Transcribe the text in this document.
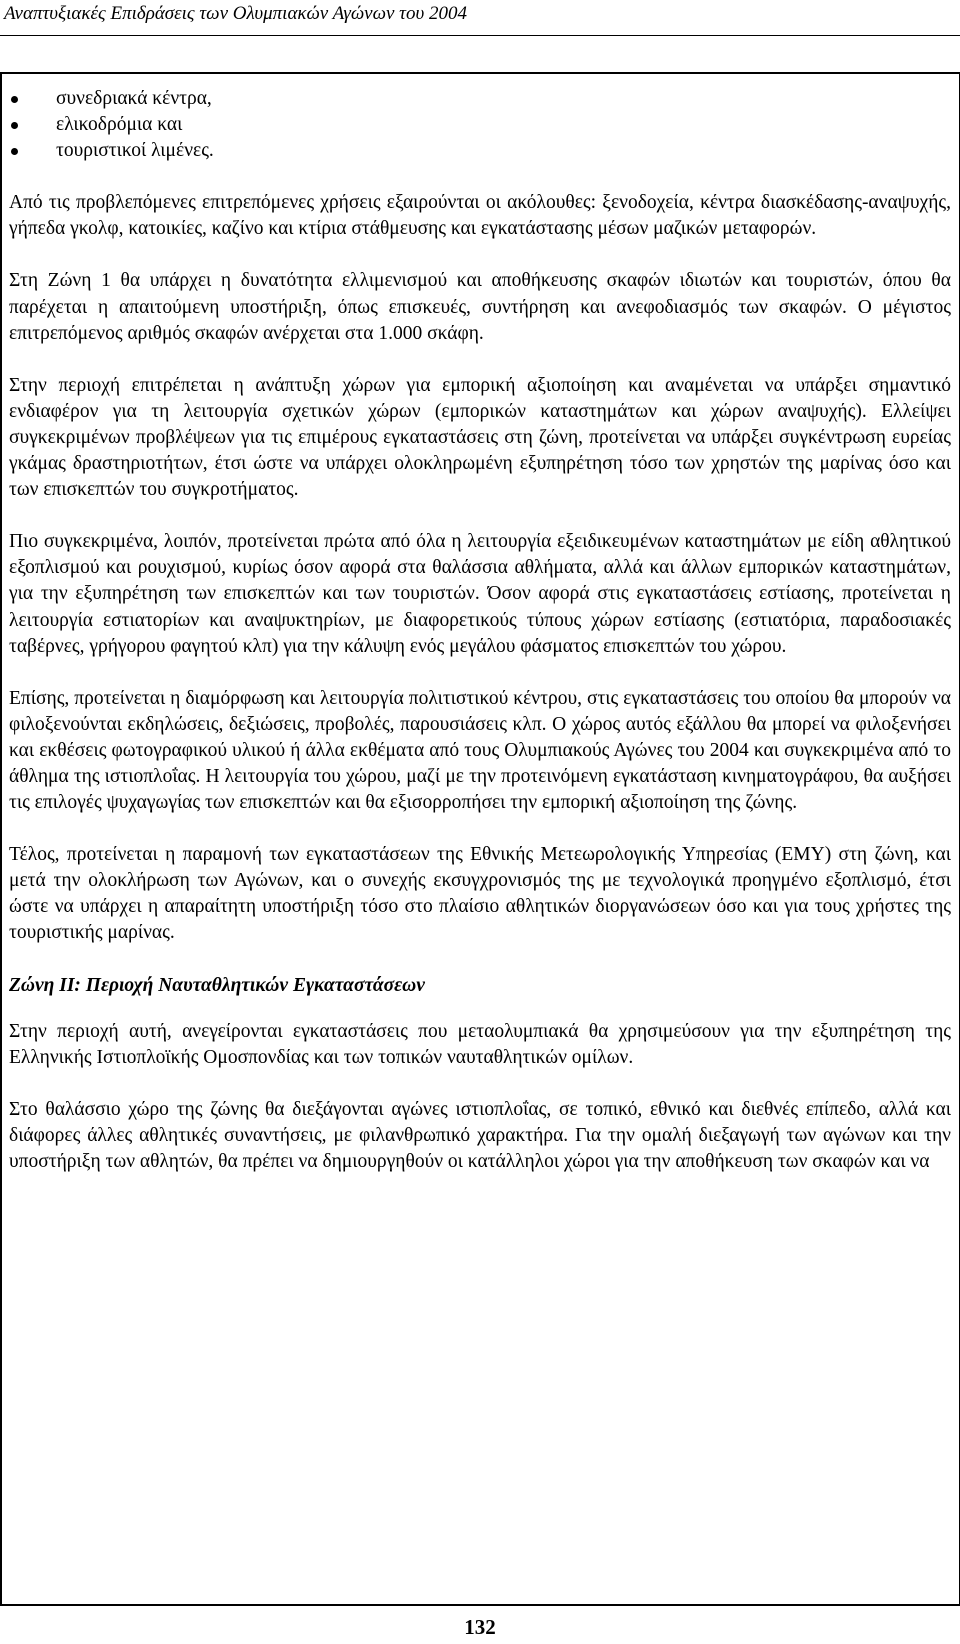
Αναπτυξιακές Επιδράσεις των Ολυμπιακών Αγώνων του 2004
συνεδριακά κέντρα,
ελικοδρόμια και
τουριστικοί λιμένες.

Από τις προβλεπόμενες επιτρεπόμενες χρήσεις εξαιρούνται οι ακόλουθες: ξενοδοχεία, κέντρα διασκέδασης-αναψυχής, γήπεδα γκολφ, κατοικίες, καζίνο και κτίρια στάθμευσης και εγκατάστασης μέσων μαζικών μεταφορών.

Στη Ζώνη 1 θα υπάρχει η δυνατότητα ελλιμενισμού και αποθήκευσης σκαφών ιδιωτών και τουριστών, όπου θα παρέχεται η απαιτούμενη υποστήριξη, όπως επισκευές, συντήρηση και ανεφοδιασμός των σκαφών. Ο μέγιστος επιτρεπόμενος αριθμός σκαφών ανέρχεται στα 1.000 σκάφη.

Στην περιοχή επιτρέπεται η ανάπτυξη χώρων για εμπορική αξιοποίηση και αναμένεται να υπάρξει σημαντικό ενδιαφέρον για τη λειτουργία σχετικών χώρων (εμπορικών καταστημάτων και χώρων αναψυχής). Ελλείψει συγκεκριμένων προβλέψεων για τις επιμέρους εγκαταστάσεις στη ζώνη, προτείνεται να υπάρξει συγκέντρωση ευρείας γκάμας δραστηριοτήτων, έτσι ώστε να υπάρχει ολοκληρωμένη εξυπηρέτηση τόσο των χρηστών της μαρίνας όσο και των επισκεπτών του συγκροτήματος.

Πιο συγκεκριμένα, λοιπόν, προτείνεται πρώτα από όλα η λειτουργία εξειδικευμένων καταστημάτων με είδη αθλητικού εξοπλισμού και ρουχισμού, κυρίως όσον αφορά στα θαλάσσια αθλήματα, αλλά και άλλων εμπορικών καταστημάτων, για την εξυπηρέτηση των επισκεπτών και των τουριστών. Όσον αφορά στις εγκαταστάσεις εστίασης, προτείνεται η λειτουργία εστιατορίων και αναψυκτηρίων, με διαφορετικούς τύπους χώρων εστίασης (εστιατόρια, παραδοσιακές ταβέρνες, γρήγορου φαγητού κλπ) για την κάλυψη ενός μεγάλου φάσματος επισκεπτών του χώρου.

Επίσης, προτείνεται η διαμόρφωση και λειτουργία πολιτιστικού κέντρου, στις εγκαταστάσεις του οποίου θα μπορούν να φιλοξενούνται εκδηλώσεις, δεξιώσεις, προβολές, παρουσιάσεις κλπ. Ο χώρος αυτός εξάλλου θα μπορεί να φιλοξενήσει και εκθέσεις φωτογραφικού υλικού ή άλλα εκθέματα από τους Ολυμπιακούς Αγώνες του 2004 και συγκεκριμένα από το άθλημα της ιστιοπλοΐας. Η λειτουργία του χώρου, μαζί με την προτεινόμενη εγκατάσταση κινηματογράφου, θα αυξήσει τις επιλογές ψυχαγωγίας των επισκεπτών και θα εξισορροπήσει την εμπορική αξιοποίηση της ζώνης.

Τέλος, προτείνεται η παραμονή των εγκαταστάσεων της Εθνικής Μετεωρολογικής Υπηρεσίας (ΕΜΥ) στη ζώνη, και μετά την ολοκλήρωση των Αγώνων, και ο συνεχής εκσυγχρονισμός της με τεχνολογικά προηγμένο εξοπλισμό, έτσι ώστε να υπάρχει η απαραίτητη υποστήριξη τόσο στο πλαίσιο αθλητικών διοργανώσεων όσο και για τους χρήστες της τουριστικής μαρίνας.

Ζώνη ΙΙ: Περιοχή Ναυταθλητικών Εγκαταστάσεων

Στην περιοχή αυτή, ανεγείρονται εγκαταστάσεις που μεταολυμπιακά θα χρησιμεύσουν για την εξυπηρέτηση της Ελληνικής Ιστιοπλοϊκής Ομοσπονδίας και των τοπικών ναυταθλητικών ομίλων.

Στο θαλάσσιο χώρο της ζώνης θα διεξάγονται αγώνες ιστιοπλοΐας, σε τοπικό, εθνικό και διεθνές επίπεδο, αλλά και διάφορες άλλες αθλητικές συναντήσεις, με φιλανθρωπικό χαρακτήρα. Για την ομαλή διεξαγωγή των αγώνων και την υποστήριξη των αθλητών, θα πρέπει να δημιουργηθούν οι κατάλληλοι χώροι για την αποθήκευση των σκαφών και να

132
